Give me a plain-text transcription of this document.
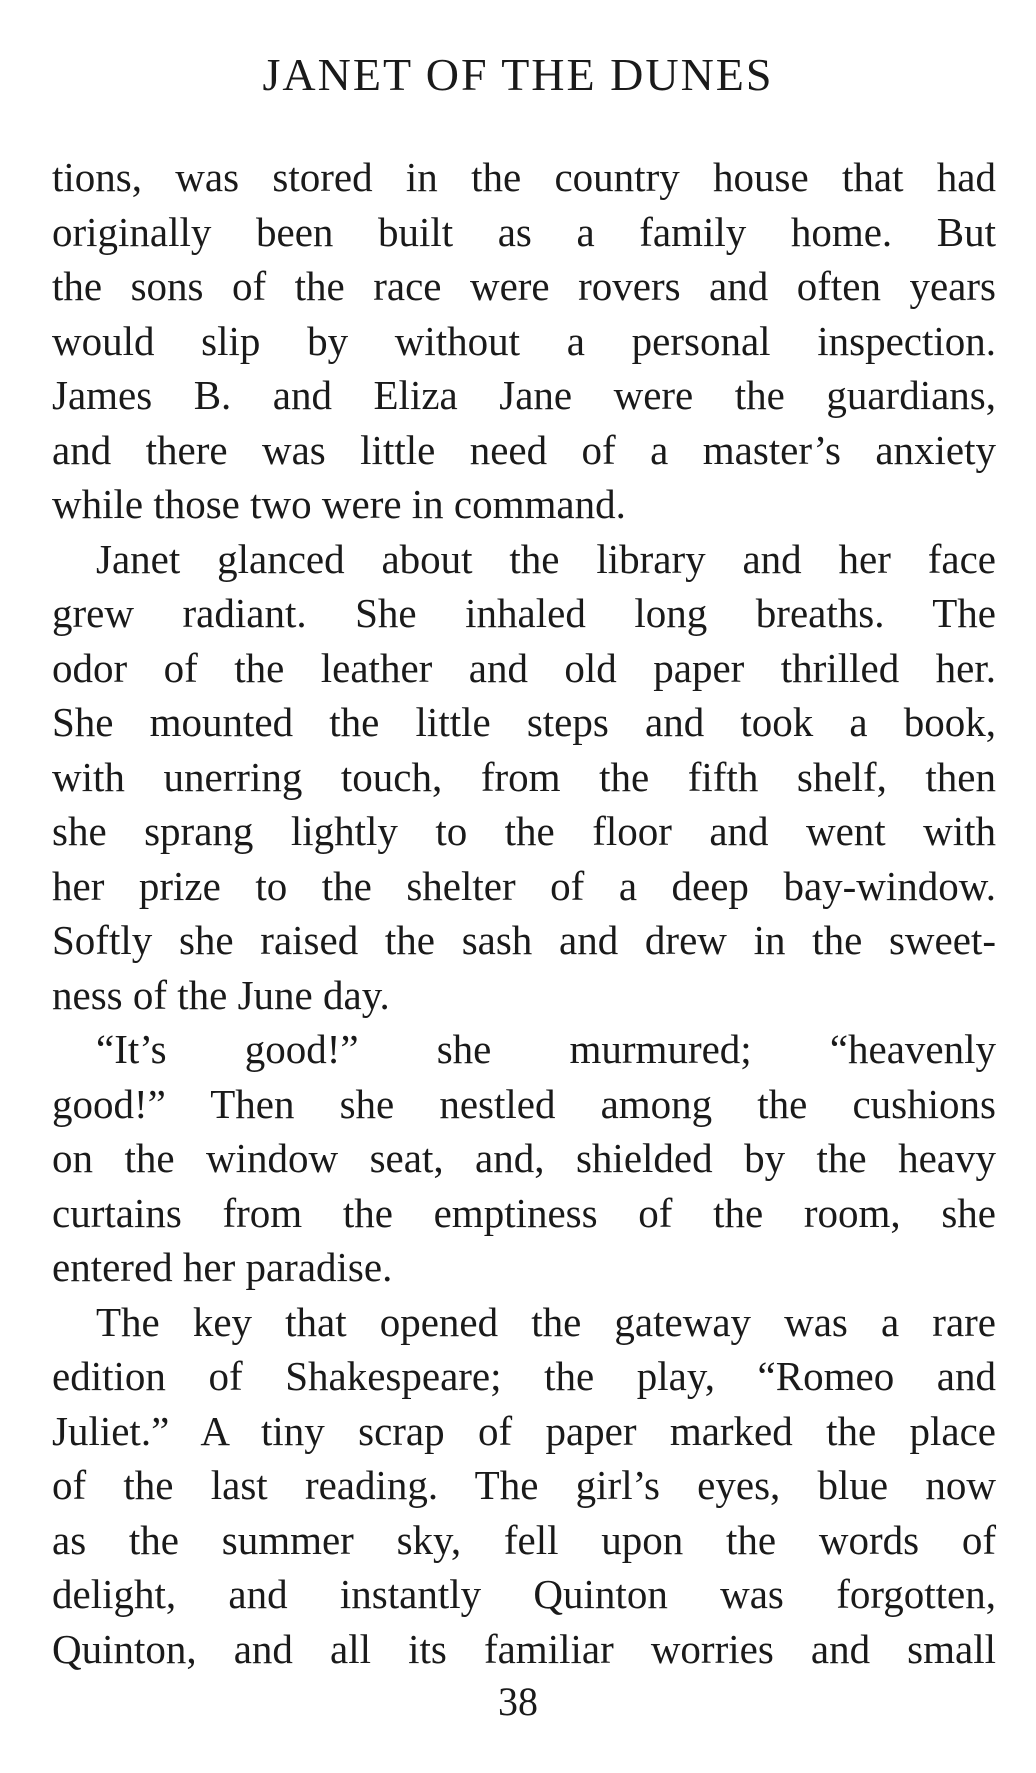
JANET OF THE DUNES
tions, was stored in the country house that had
originally been built as a family home. But
the sons of the race were rovers and often years
would slip by without a personal inspection.
James B. and Eliza Jane were the guardians,
and there was little need of a master’s anxiety
while those two were in command.
Janet glanced about the library and her face
grew radiant. She inhaled long breaths. The
odor of the leather and old paper thrilled her.
She mounted the little steps and took a book,
with unerring touch, from the fifth shelf, then
she sprang lightly to the floor and went with
her prize to the shelter of a deep bay-window.
Softly she raised the sash and drew in the sweet-
ness of the June day.
“It’s good!” she murmured; “heavenly
good!” Then she nestled among the cushions
on the window seat, and, shielded by the heavy
curtains from the emptiness of the room, she
entered her paradise.
The key that opened the gateway was a rare
edition of Shakespeare; the play, “Romeo and
Juliet.” A tiny scrap of paper marked the place
of the last reading. The girl’s eyes, blue now
as the summer sky, fell upon the words of
delight, and instantly Quinton was forgotten,
Quinton, and all its familiar worries and small
38
